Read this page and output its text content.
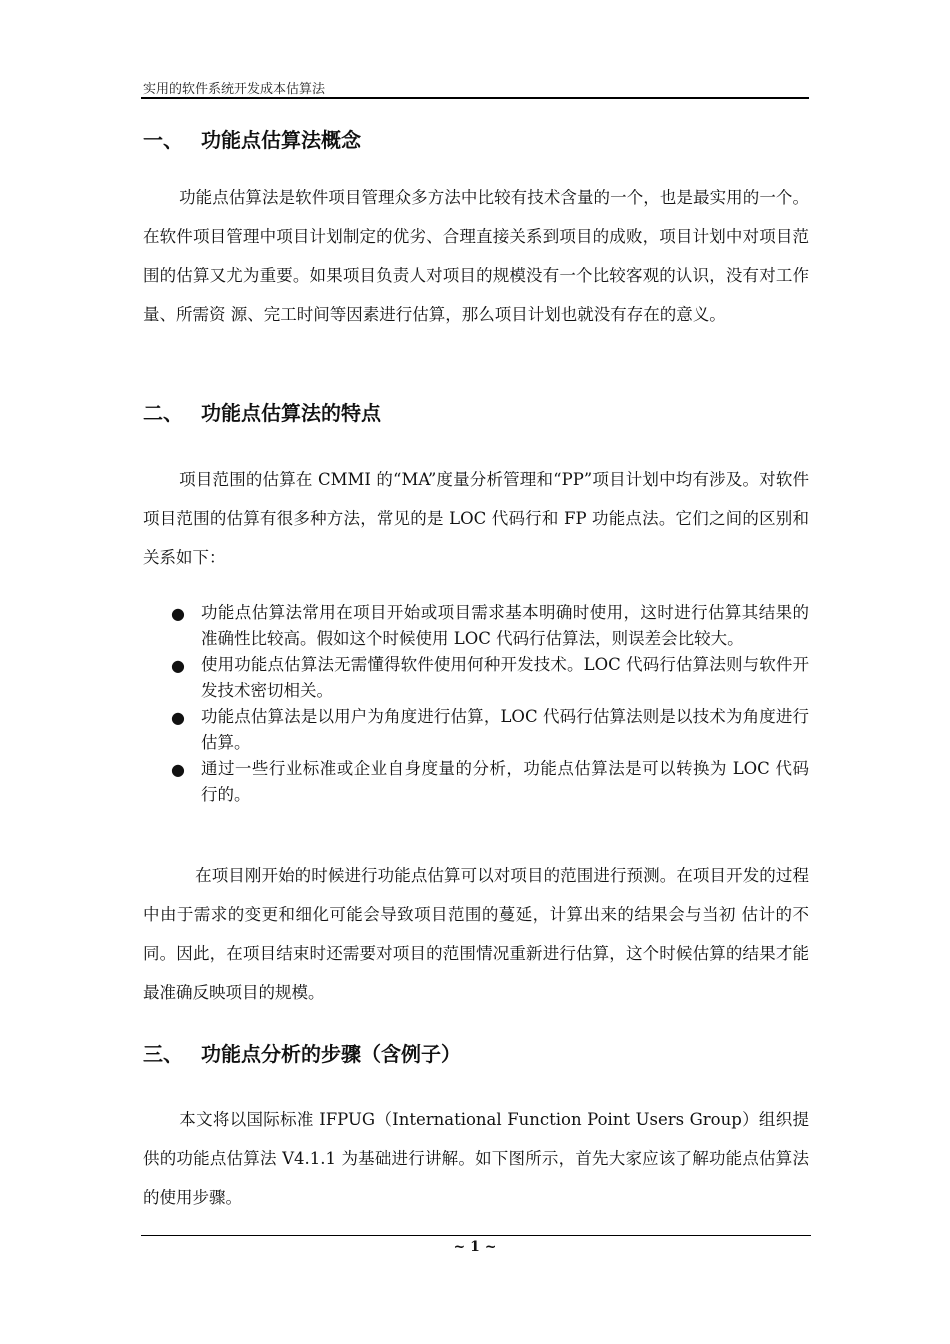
实用的软件系统开发成本估算法
一、 功能点估算法概念

功能点估算法是软件项目管理众多方法中比较有技术含量的一个，也是最实用的一个。在软件项目管理中项目计划制定的优劣、合理直接关系到项目的成败，项目计划中对项目范围的估算又尤为重要。如果项目负责人对项目的规模没有一个比较客观的认识，没有对工作量、所需资 源、完工时间等因素进行估算，那么项目计划也就没有存在的意义。

二、 功能点估算法的特点

项目范围的估算在 CMMI 的“MA”度量分析管理和“PP”项目计划中均有涉及。对软件项目范围的估算有很多种方法，常见的是 LOC 代码行和 FP 功能点法。它们之间的区别和关系如下：

● 功能点估算法常用在项目开始或项目需求基本明确时使用，这时进行估算其结果的准确性比较高。假如这个时候使用 LOC 代码行估算法，则误差会比较大。
● 使用功能点估算法无需懂得软件使用何种开发技术。LOC 代码行估算法则与软件开发技术密切相关。
● 功能点估算法是以用户为角度进行估算，LOC 代码行估算法则是以技术为角度进行估算。
● 通过一些行业标准或企业自身度量的分析，功能点估算法是可以转换为 LOC 代码行的。

在项目刚开始的时候进行功能点估算可以对项目的范围进行预测。在项目开发的过程中由于需求的变更和细化可能会导致项目范围的蔓延，计算出来的结果会与当初 估计的不同。因此，在项目结束时还需要对项目的范围情况重新进行估算，这个时候估算的结果才能最准确反映项目的规模。

三、 功能点分析的步骤（含例子）

本文将以国际标准 IFPUG（International Function Point Users Group）组织提供的功能点估算法 V4.1.1 为基础进行讲解。如下图所示，首先大家应该了解功能点估算法的使用步骤。

~ 1 ~
